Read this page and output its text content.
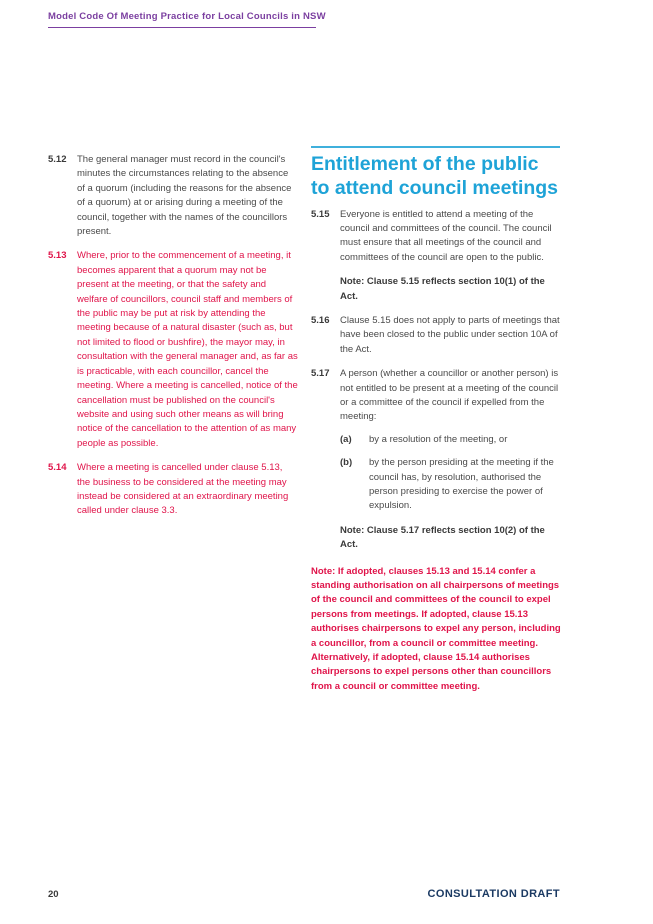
Model Code Of Meeting Practice for Local Councils in NSW
5.12 The general manager must record in the council's minutes the circumstances relating to the absence of a quorum (including the reasons for the absence of a quorum) at or arising during a meeting of the council, together with the names of the councillors present.
5.13 Where, prior to the commencement of a meeting, it becomes apparent that a quorum may not be present at the meeting, or that the safety and welfare of councillors, council staff and members of the public may be put at risk by attending the meeting because of a natural disaster (such as, but not limited to flood or bushfire), the mayor may, in consultation with the general manager and, as far as is practicable, with each councillor, cancel the meeting. Where a meeting is cancelled, notice of the cancellation must be published on the council's website and using such other means as will bring notice of the cancellation to the attention of as many people as possible.
5.14 Where a meeting is cancelled under clause 5.13, the business to be considered at the meeting may instead be considered at an extraordinary meeting called under clause 3.3.
Entitlement of the public to attend council meetings
5.15 Everyone is entitled to attend a meeting of the council and committees of the council. The council must ensure that all meetings of the council and committees of the council are open to the public.
Note: Clause 5.15 reflects section 10(1) of the Act.
5.16 Clause 5.15 does not apply to parts of meetings that have been closed to the public under section 10A of the Act.
5.17 A person (whether a councillor or another person) is not entitled to be present at a meeting of the council or a committee of the council if expelled from the meeting:
(a) by a resolution of the meeting, or
(b) by the person presiding at the meeting if the council has, by resolution, authorised the person presiding to exercise the power of expulsion.
Note: Clause 5.17 reflects section 10(2) of the Act.
Note: If adopted, clauses 15.13 and 15.14 confer a standing authorisation on all chairpersons of meetings of the council and committees of the council to expel persons from meetings. If adopted, clause 15.13 authorises chairpersons to expel any person, including a councillor, from a council or committee meeting. Alternatively, if adopted, clause 15.14 authorises chairpersons to expel persons other than councillors from a council or committee meeting.
20	CONSULTATION DRAFT
